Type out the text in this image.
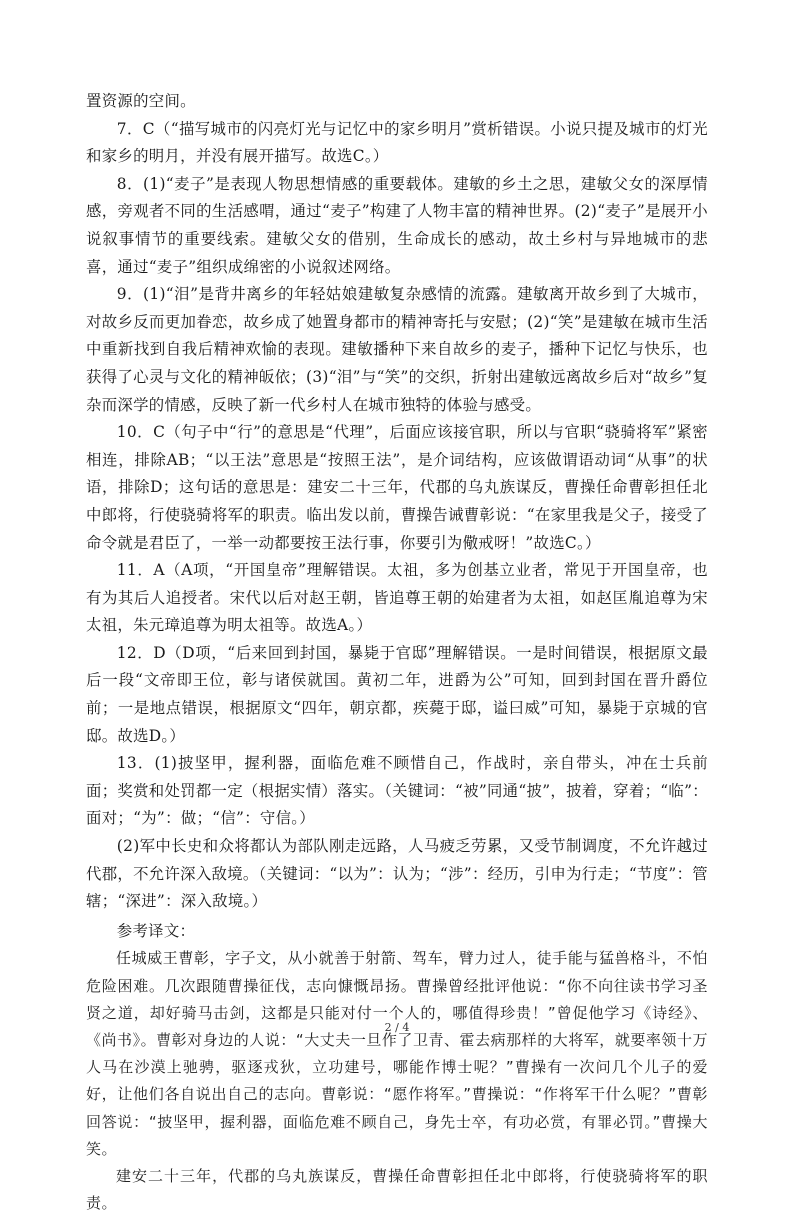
置资源的空间。

7．C（“描写城市的闪亮灯光与记忆中的家乡明月”赏析错误。小说只提及城市的灯光和家乡的明月，并没有展开描写。故选C。）

8．(1)“麦子”是表现人物思想情感的重要载体。建敏的乡土之思，建敏父女的深厚情感，旁观者不同的生活感喟，通过“麦子”构建了人物丰富的精神世界。(2)“麦子”是展开小说叙事情节的重要线索。建敏父女的借别，生命成长的感动，故土乡村与异地城市的悲喜，通过“麦子”组织成绵密的小说叙述网络。

9．(1)“泪”是背井离乡的年轻姑娘建敏复杂感情的流露。建敏离开故乡到了大城市，对故乡反而更加眷恋，故乡成了她置身都市的精神寄托与安慰；(2)“笑”是建敏在城市生活中重新找到自我后精神欢愉的表现。建敏播种下来自故乡的麦子，播种下记忆与快乐，也获得了心灵与文化的精神皈依；(3)“泪”与“笑”的交织，折射出建敏远离故乡后对“故乡”复杂而深学的情感，反映了新一代乡村人在城市独特的体验与感受。

10．C（句子中“行”的意思是“代理”，后面应该接官职，所以与官职“骁骑将军”紧密相连，排除AB；“以王法”意思是“按照王法”，是介词结构，应该做谓语动词“从事”的状语，排除D；这句话的意思是：建安二十三年，代郡的乌丸族谋反，曹操任命曹彰担任北中郎将，行使骁骑将军的职责。临出发以前，曹操告诫曹彰说：“在家里我是父子，接受了命令就是君臣了，一举一动都要按王法行事，你要引为儆戒呀！”故选C。）

11．A（A项，“开国皇帝”理解错误。太祖，多为创基立业者，常见于开国皇帝，也有为其后人追授者。宋代以后对赵王朝，皆追尊王朝的始建者为太祖，如赵匡胤追尊为宋太祖，朱元璋追尊为明太祖等。故选A。）

12．D（D项，“后来回到封国，暴毙于官邸”理解错误。一是时间错误，根据原文最后一段“文帝即王位，彰与诸侯就国。黄初二年，进爵为公”可知，回到封国在晋升爵位前；一是地点错误，根据原文“四年，朝京都，疾薨于邸，谥曰威”可知，暴毙于京城的官邸。故选D。）

13．(1)披坚甲，握利器，面临危难不顾惜自己，作战时，亲自带头，冲在士兵前面；奖赏和处罚都一定（根据实情）落实。（关键词：“被”同通“披”，披着，穿着；“临”：面对；“为”：做；“信”：守信。）

(2)军中长史和众将都认为部队刚走远路，人马疲乏劳累，又受节制调度，不允许越过代郡，不允许深入敌境。（关键词：“以为”：认为；“涉”：经历，引申为行走；“节度”：管辖；“深进”：深入敌境。）

参考译文：

任城威王曹彰，字子文，从小就善于射箭、驾车，臂力过人，徒手能与猛兽格斗，不怕危险困难。几次跟随曹操征伐，志向慷慨昂扬。曹操曾经批评他说：“你不向往读书学习圣贤之道，却好骑马击剑，这都是只能对付一个人的，哪值得珍贵！”曾促他学习《诗经》、《尚书》。曹彰对身边的人说：“大丈夫一旦作了卫青、霍去病那样的大将军，就要率领十万人马在沙漠上驰骋，驱逐戎狄，立功建号，哪能作博士呢？”曹操有一次问几个儿子的爱好，让他们各自说出自己的志向。曹彰说：“愿作将军。”曹操说：“作将军干什么呢？”曹彰回答说：“披坚甲，握利器，面临危难不顾自己，身先士卒，有功必赏，有罪必罚。”曹操大笑。

建安二十三年，代郡的乌丸族谋反，曹操任命曹彰担任北中郎将，行使骁骑将军的职责。

2 / 4
